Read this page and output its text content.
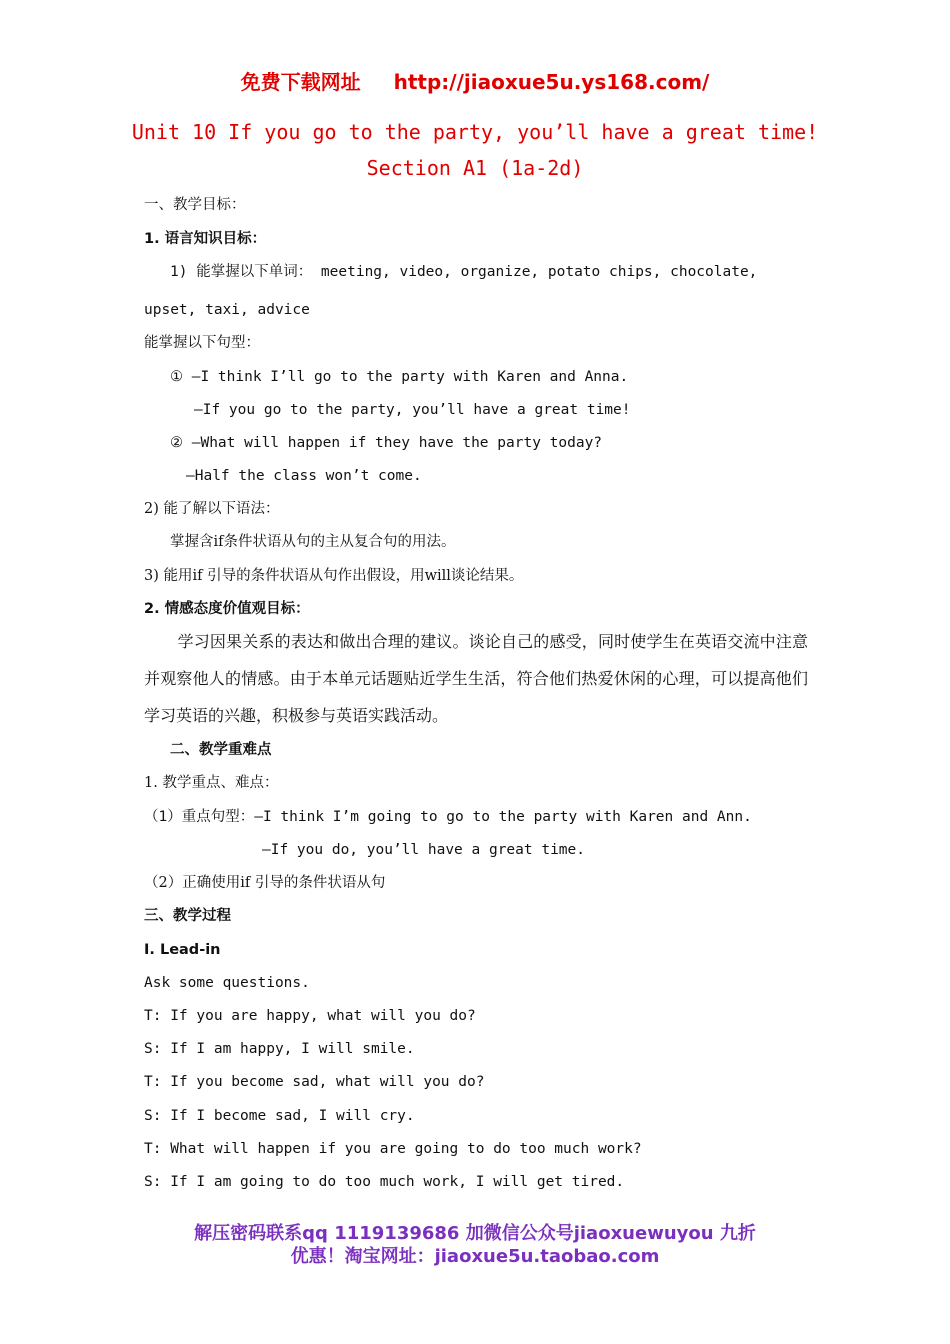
免费下载网址 http://jiaoxue5u.ys168.com/
Unit 10 If you go to the party, you’ll have a great time!
Section A1 (1a-2d)
一、教学目标：
1. 语言知识目标：
1) 能掌握以下单词： meeting, video, organize, potato chips, chocolate,
upset, taxi, advice
能掌握以下句型：
① —I think I’ll go to the party with Karen and Anna.
—If you go to the party, you’ll have a great time!
② —What will happen if they have the party today?
—Half the class won’t come.
2) 能了解以下语法：
掌握含if条件状语从句的主从复合句的用法。
3) 能用if 引导的条件状语从句作出假设，用will谈论结果。
2. 情感态度价值观目标：
学习因果关系的表达和做出合理的建议。谈论自己的感受，同时使学生在英语交流中注意并观察他人的情感。由于本单元话题贴近学生生活，符合他们热爱休闲的心理，可以提高他们学习英语的兴趣，积极参与英语实践活动。
二、教学重难点
1. 教学重点、难点：
（1）重点句型：—I think I’m going to go to the party with Karen and Ann.
—If you do, you’ll have a great time.
（2）正确使用if 引导的条件状语从句
三、教学过程
Ⅰ. Lead-in
Ask some questions.
T: If you are happy, what will you do?
S: If I am happy, I will smile.
T: If you become sad, what will you do?
S: If I become sad, I will cry.
T: What will happen if you are going to do too much work?
S: If I am going to do too much work, I will get tired.
解压密码联系qq 1119139686 加微信公众号jiaoxuewuyou 九折
优惠！淘宝网址：jiaoxue5u.taobao.com
